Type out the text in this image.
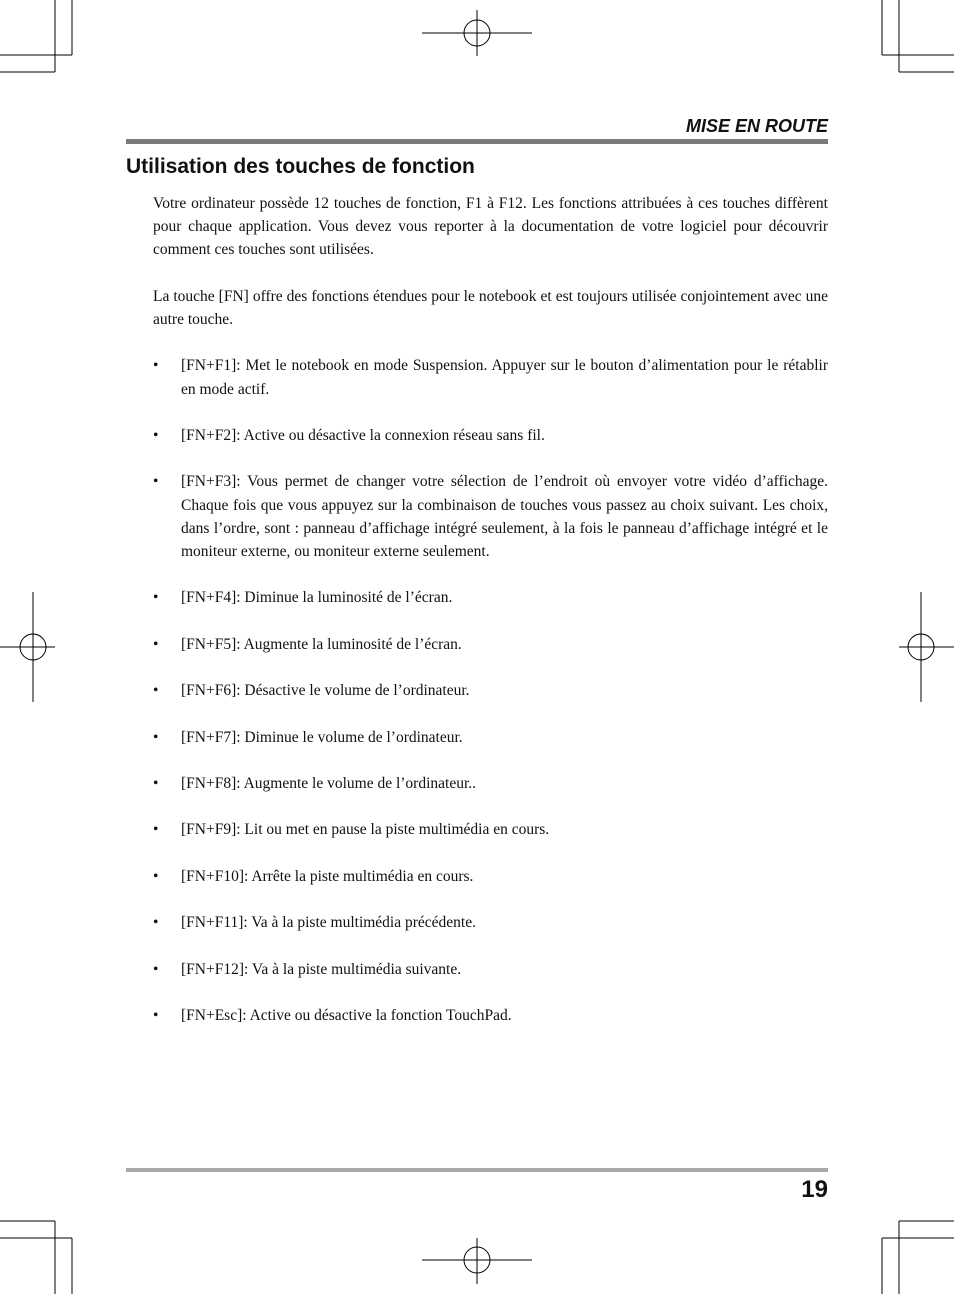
MISE EN ROUTE
Utilisation des touches de fonction

Votre ordinateur possède 12 touches de fonction, F1 à F12. Les fonctions attribuées à ces touches diffèrent pour chaque application. Vous devez vous reporter à la documentation de votre logiciel pour découvrir comment ces touches sont utilisées.

La touche [FN] offre des fonctions étendues pour le notebook et est toujours utilisée conjointement avec une autre touche.

• [FN+F1]: Met le notebook en mode Suspension. Appuyer sur le bouton d’alimentation pour le rétablir en mode actif.
• [FN+F2]: Active ou désactive la connexion réseau sans fil.
• [FN+F3]: Vous permet de changer votre sélection de l’endroit où envoyer votre vidéo d’affichage. Chaque fois que vous appuyez sur la combinaison de touches vous passez au choix suivant. Les choix, dans l’ordre, sont : panneau d’affichage intégré seulement, à la fois le panneau d’affichage intégré et le moniteur externe, ou moniteur externe seulement.
• [FN+F4]: Diminue la luminosité de l’écran.
• [FN+F5]: Augmente la luminosité de l’écran.
• [FN+F6]: Désactive le volume de l’ordinateur.
• [FN+F7]: Diminue le volume de l’ordinateur.
• [FN+F8]: Augmente le volume de l’ordinateur..
• [FN+F9]: Lit ou met en pause la piste multimédia en cours.
• [FN+F10]: Arrête la piste multimédia en cours.
• [FN+F11]: Va à la piste multimédia précédente.
• [FN+F12]: Va à la piste multimédia suivante.
• [FN+Esc]: Active ou désactive la fonction TouchPad.
19
